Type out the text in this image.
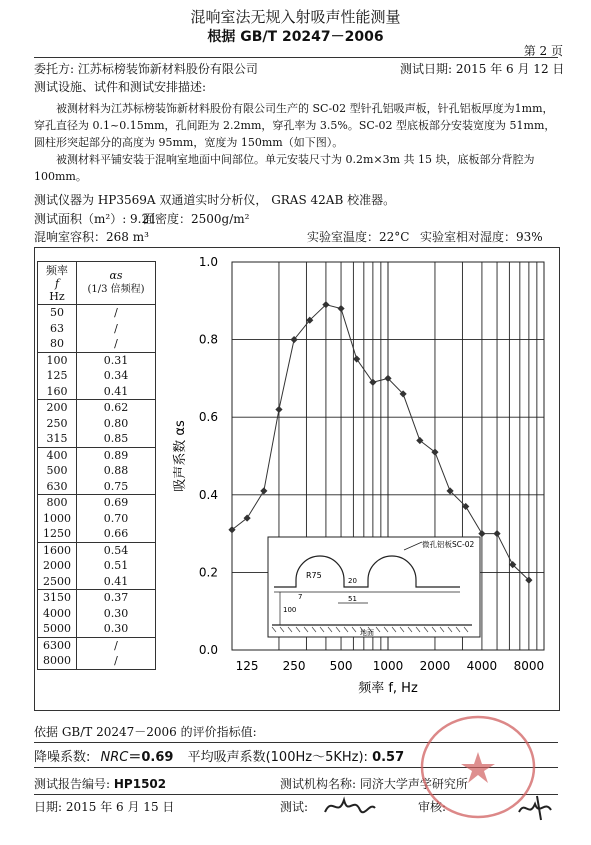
混响室法无规入射吸声性能测量
根据 GB/T 20247－2006
第 2 页
委托方: 江苏标榜装饰新材料股份有限公司	测试日期: 2015 年 6 月 12 日
测试设施、试件和测试安排描述:
被测材料为江苏标榜装饰新材料股份有限公司生产的 SC-02 型针孔铝吸声板，针孔铝板厚度为1mm，穿孔直径为 0.1~0.15mm，孔间距为 2.2mm，穿孔率为 3.5%。SC-02 型底板部分安装宽度为 51mm，圆柱形突起部分的高度为 95mm，宽度为 150mm（如下图）。
被测材料平铺安装于混响室地面中间部位。单元安装尺寸为 0.2m×3m 共 15 块，底板部分背腔为 100mm。
测试仪器为 HP3569A 双通道实时分析仪， GRAS 42AB 校准器。
测试面积（m²）: 9.21
面密度：2500g/m²
混响室容积：268 m³	实验室温度：22°C 实验室相对湿度：93%
频率
f
Hz

αs
(1/3 倍频程)
50	/
63	/
80	/
100	0.31
125	0.34
160	0.41
200	0.62
250	0.80
315	0.85
400	0.89
500	0.88
630	0.75
800	0.69
1000	0.70
1250	0.66
1600	0.54
2000	0.51
2500	0.41
3150	0.37
4000	0.30
5000	0.30
6300	/
8000	/
0.0
0.2
0.4
0.6
0.8
1.0
125 250 500 1000 2000 4000 8000
吸声系数 αs
频率 f, Hz
微孔铝板SC-02
R75
7
20
100
51
地面
依据 GB/T 20247－2006 的评价指标值:
降噪系数: NRC＝0.69 平均吸声系数(100Hz～5KHz): 0.57
测试报告编号: HP1502	测试机构名称: 同济大学声学研究所
日期: 2015 年 6 月 15 日	测试:	审核:
